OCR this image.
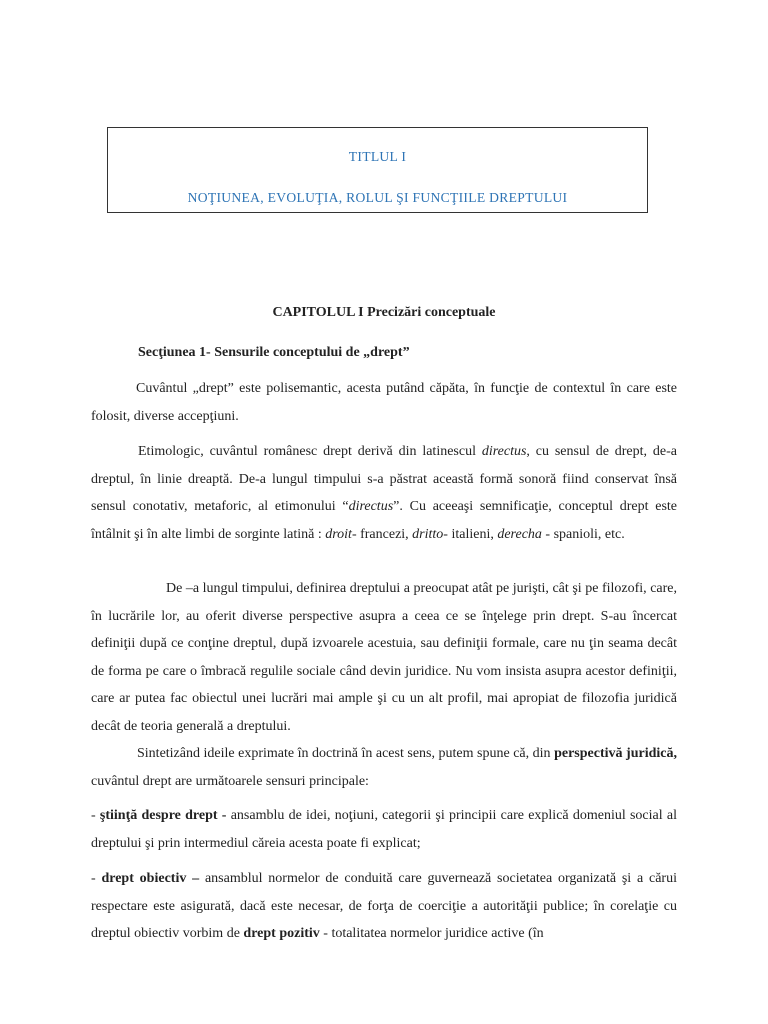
TITLUL I
NOŢIUNEA, EVOLUŢIA, ROLUL ŞI FUNCŢIILE DREPTULUI
CAPITOLUL I Precizări conceptuale
Secţiunea 1- Sensurile conceptului de „drept”

Cuvântul „drept” este polisemantic, acesta putând căpăta, în funcţie de contextul în care este folosit, diverse accepţiuni.

Etimologic, cuvântul românesc drept derivă din latinescul directus, cu sensul de drept, de-a dreptul, în linie dreaptă. De-a lungul timpului s-a păstrat această formă sonoră fiind conservat însă sensul conotativ, metaforic, al etimonului “directus”. Cu aceeaşi semnificaţie, conceptul drept este întâlnit şi în alte limbi de sorginte latină : droit- francezi, dritto- italieni, derecha - spanioli, etc.

De –a lungul timpului, definirea dreptului a preocupat atât pe jurişti, cât şi pe filozofi, care, în lucrările lor, au oferit diverse perspective asupra a ceea ce se înţelege prin drept. S-au încercat definiţii după ce conţine dreptul, după izvoarele acestuia, sau definiţii formale, care nu ţin seama decât de forma pe care o îmbracă regulile sociale când devin juridice. Nu vom insista asupra acestor definiţii, care ar putea fac obiectul unei lucrări mai ample şi cu un alt profil, mai apropiat de filozofia juridică decât de teoria generală a dreptului.

Sintetizând ideile exprimate în doctrină în acest sens, putem spune că, din perspectivă juridică, cuvântul drept are următoarele sensuri principale:

- ştiinţă despre drept - ansamblu de idei, noţiuni, categorii şi principii care explică domeniul social al dreptului şi prin intermediul căreia acesta poate fi explicat;

- drept obiectiv – ansamblul normelor de conduită care guvernează societatea organizată şi a cărui respectare este asigurată, dacă este necesar, de forţa de coerciţie a autorităţii publice; în corelaţie cu dreptul obiectiv vorbim de drept pozitiv - totalitatea normelor juridice active (în
